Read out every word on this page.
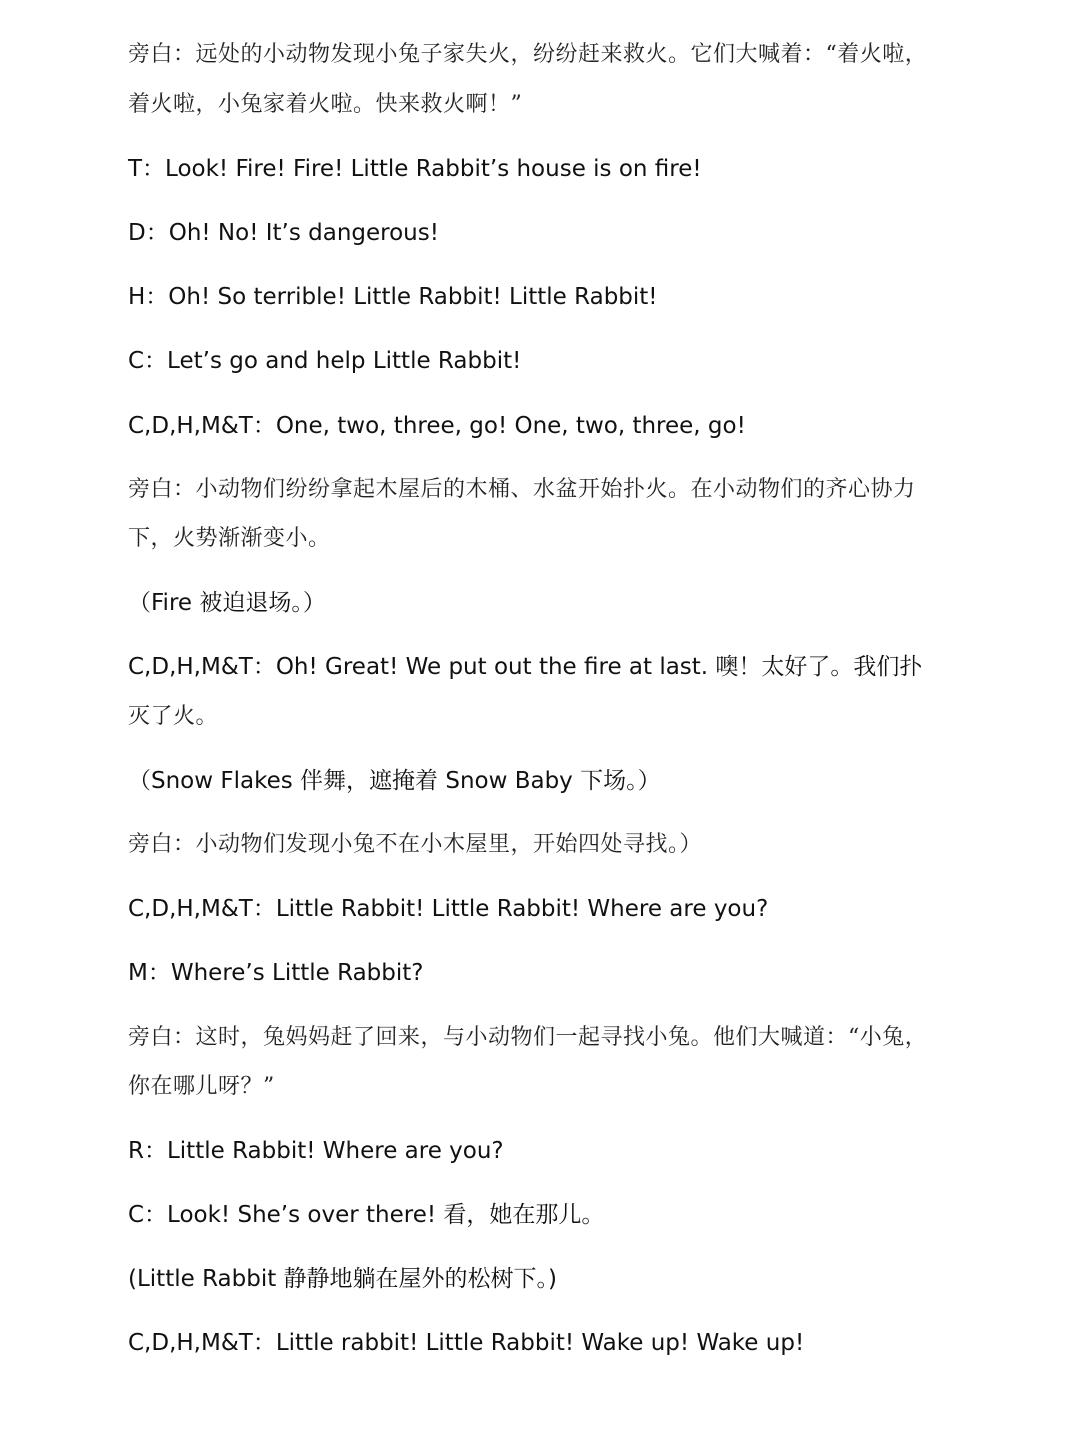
旁白：远处的小动物发现小兔子家失火，纷纷赶来救火。它们大喊着：“着火啦，
着火啦，小兔家着火啦。快来救火啊！”
T：Look! Fire! Fire! Little Rabbit’s house is on fire!
D：Oh! No! It’s dangerous!
H：Oh! So terrible! Little Rabbit! Little Rabbit!
C：Let’s go and help Little Rabbit!
C,D,H,M&T：One, two, three, go! One, two, three, go!
旁白：小动物们纷纷拿起木屋后的木桶、水盆开始扑火。在小动物们的齐心协力
下，火势渐渐变小。
（Fire 被迫退场。）
C,D,H,M&T：Oh! Great! We put out the fire at last. 噢！太好了。我们扑
灭了火。
（Snow Flakes 伴舞，遮掩着 Snow Baby 下场。）
旁白：小动物们发现小兔不在小木屋里，开始四处寻找。）
C,D,H,M&T：Little Rabbit! Little Rabbit! Where are you?
M：Where’s Little Rabbit?
旁白：这时，兔妈妈赶了回来，与小动物们一起寻找小兔。他们大喊道：“小兔，
你在哪儿呀？”
R：Little Rabbit! Where are you?
C：Look! She’s over there! 看，她在那儿。
(Little Rabbit 静静地躺在屋外的松树下。)
C,D,H,M&T：Little rabbit! Little Rabbit! Wake up! Wake up!
